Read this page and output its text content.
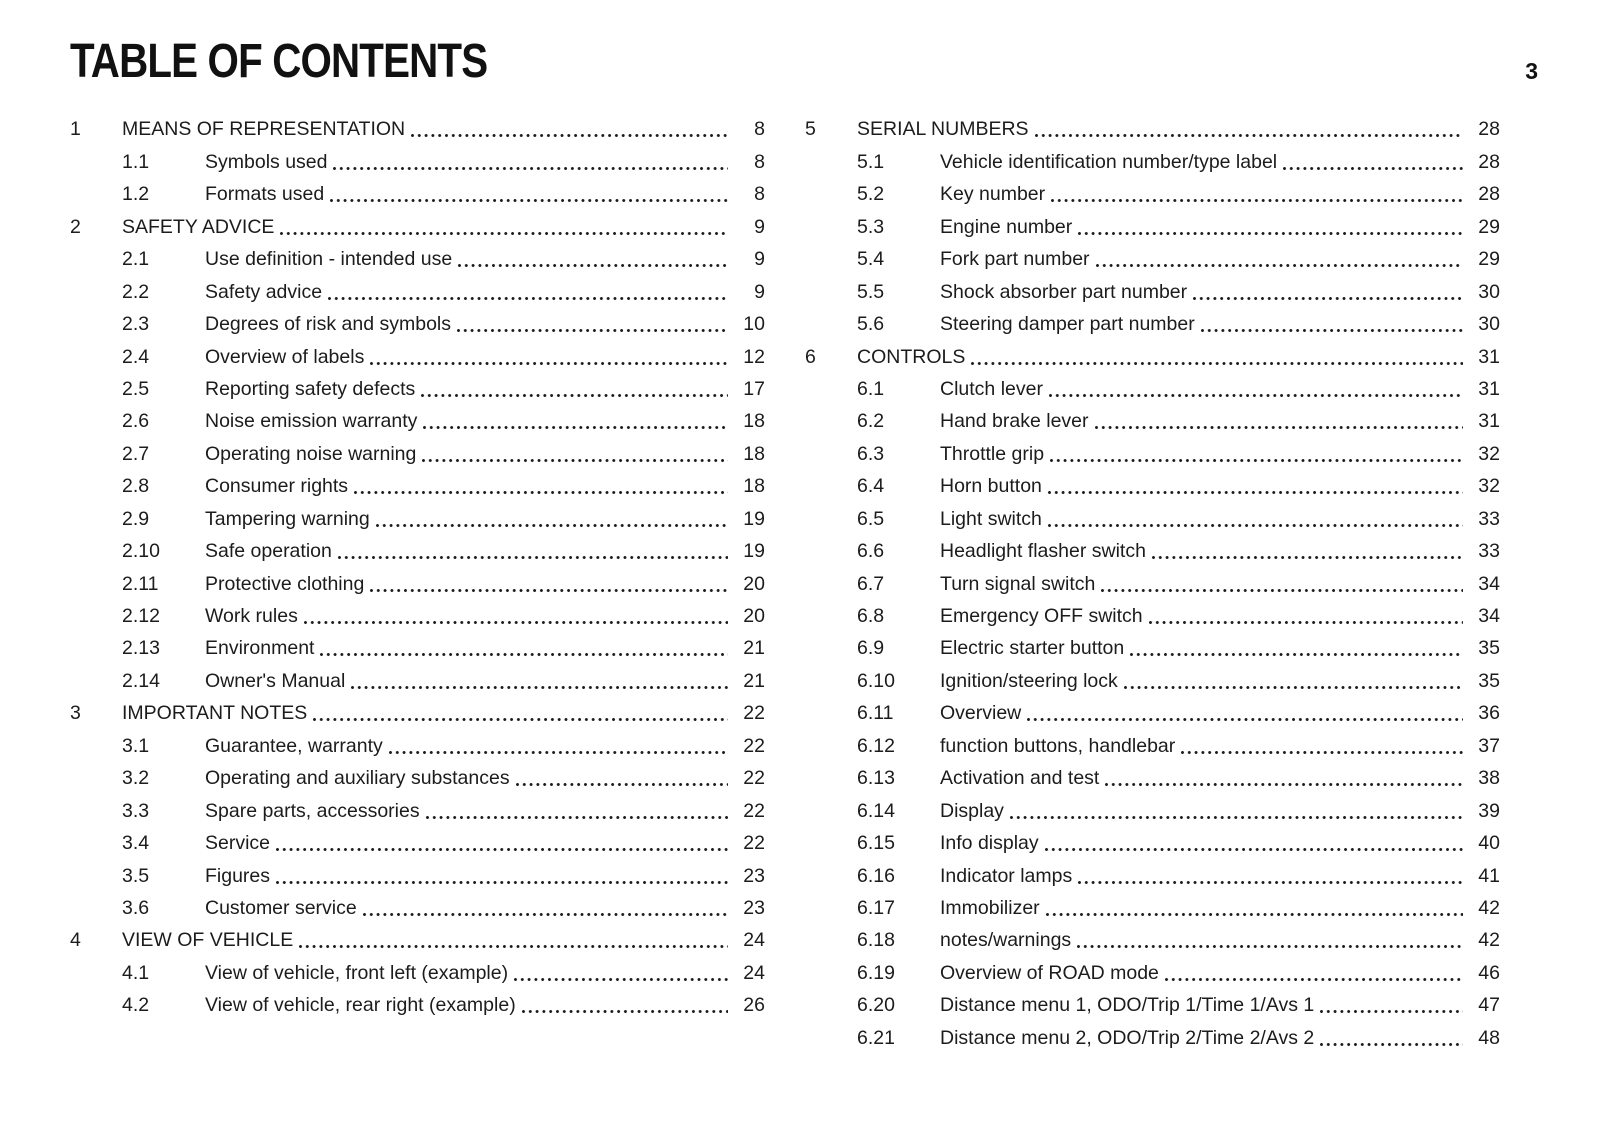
TABLE OF CONTENTS	3
1	MEANS OF REPRESENTATION	8
1.1	Symbols used	8
1.2	Formats used	8
2	SAFETY ADVICE	9
2.1	Use definition - intended use	9
2.2	Safety advice	9
2.3	Degrees of risk and symbols	10
2.4	Overview of labels	12
2.5	Reporting safety defects	17
2.6	Noise emission warranty	18
2.7	Operating noise warning	18
2.8	Consumer rights	18
2.9	Tampering warning	19
2.10	Safe operation	19
2.11	Protective clothing	20
2.12	Work rules	20
2.13	Environment	21
2.14	Owner's Manual	21
3	IMPORTANT NOTES	22
3.1	Guarantee, warranty	22
3.2	Operating and auxiliary substances	22
3.3	Spare parts, accessories	22
3.4	Service	22
3.5	Figures	23
3.6	Customer service	23
4	VIEW OF VEHICLE	24
4.1	View of vehicle, front left (example)	24
4.2	View of vehicle, rear right (example)	26
5	SERIAL NUMBERS	28
5.1	Vehicle identification number/type label	28
5.2	Key number	28
5.3	Engine number	29
5.4	Fork part number	29
5.5	Shock absorber part number	30
5.6	Steering damper part number	30
6	CONTROLS	31
6.1	Clutch lever	31
6.2	Hand brake lever	31
6.3	Throttle grip	32
6.4	Horn button	32
6.5	Light switch	33
6.6	Headlight flasher switch	33
6.7	Turn signal switch	34
6.8	Emergency OFF switch	34
6.9	Electric starter button	35
6.10	Ignition/steering lock	35
6.11	Overview	36
6.12	function buttons, handlebar	37
6.13	Activation and test	38
6.14	Display	39
6.15	Info display	40
6.16	Indicator lamps	41
6.17	Immobilizer	42
6.18	notes/warnings	42
6.19	Overview of ROAD mode	46
6.20	Distance menu 1, ODO/Trip 1/Time 1/Avs 1	47
6.21	Distance menu 2, ODO/Trip 2/Time 2/Avs 2	48
